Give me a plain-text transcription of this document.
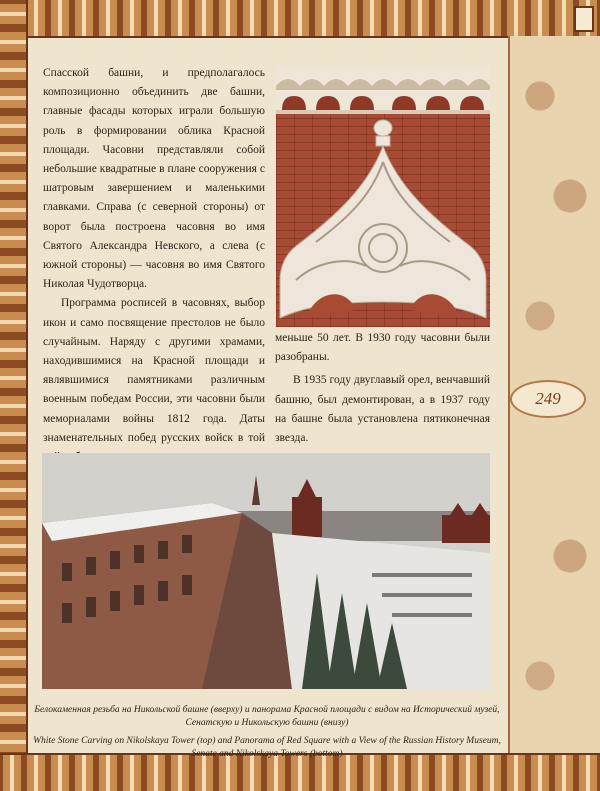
Спасской башни, и предполагалось композиционно объединить две башни, главные фасады которых играли большую роль в формировании облика Красной площади. Часовни представляли собой небольшие квадратные в плане сооружения с шатровым завершением и маленькими главками. Справа (с северной стороны) от ворот была построена часовня во имя Святого Александра Невского, а слева (с южной стороны) — часовня во имя Святого Николая Чудотворца.

Программа росписей в часовнях, выбор икон и само посвящение престолов не было случайным. Наряду с другими храмами, находившимися на Красной площади и являвшимися памятниками различным военным победам России, эти часовни были мемориалами войны 1812 года. Даты знаменательных побед русских войск в той

меньше 50 лет. В 1930 году часовни были разобраны.

В 1935 году двуглавый орел, венчавший башню, был демонтирован, а в 1937 году на башне была установлена пятиконечная звезда.

249
Белокаменная резьба на Никольской башне (вверху) и панорама Красной площади с видом на Исторический музей, Сенатскую и Никольскую башни (внизу)
White Stone Carving on Nikolskaya Tower (top) and Panorama of Red Square with a View of the Russian History Museum, Senate and Nikolskaya Towers (bottom)
